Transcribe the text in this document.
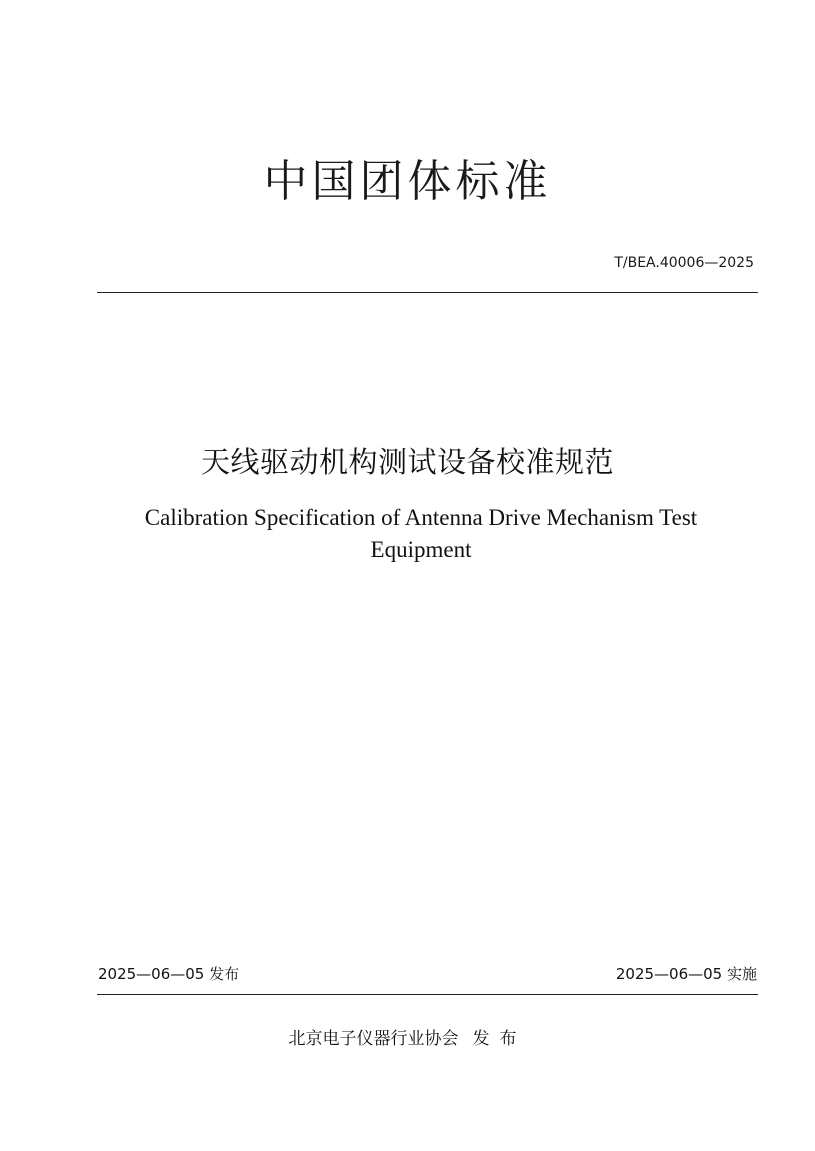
中国团体标准
T/BEA.40006—2025
天线驱动机构测试设备校准规范
Calibration Specification of Antenna Drive Mechanism Test Equipment
2025—06—05 发布	2025—06—05 实施
北京电子仪器行业协会 发布
